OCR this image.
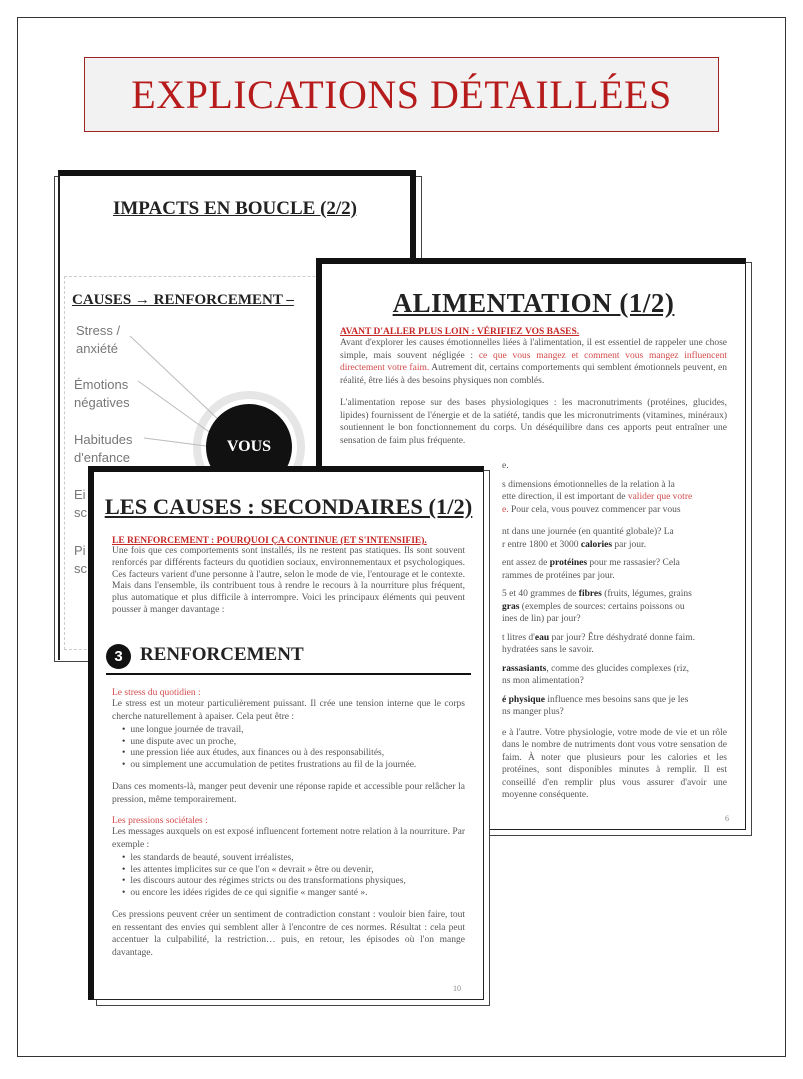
EXPLICATIONS DÉTAILLÉES
IMPACTS EN BOUCLE (2/2)
CAUSES → RENFORCEMENT –
Stress /
anxiété
Émotions
négatives
Habitudes
d'enfance
Ei
sc
Pi
sc
VOUS
ALIMENTATION (1/2)
AVANT D'ALLER PLUS LOIN : VÉRIFIEZ VOS BASES.

Avant d'explorer les causes émotionnelles liées à l'alimentation, il est essentiel de rappeler une chose simple, mais souvent négligée : ce que vous mangez et comment vous mangez influencent directement votre faim. Autrement dit, certains comportements qui semblent émotionnels peuvent, en réalité, être liés à des besoins physiques non comblés.

L'alimentation repose sur des bases physiologiques : les macronutriments (protéines, glucides, lipides) fournissent de l'énergie et de la satiété, tandis que les micronutriments (vitamines, minéraux) soutiennent le bon fonctionnement du corps. Un déséquilibre dans ces apports peut entraîner une sensation de faim plus fréquente.

e.

s dimensions émotionnelles de la relation à la
ette direction, il est important de valider que votre
e. Pour cela, vous pouvez commencer par vous

nt dans une journée (en quantité globale)? La
r entre 1800 et 3000 calories par jour.

ent assez de protéines pour me rassasier? Cela
rammes de protéines par jour.

5 et 40 grammes de fibres (fruits, légumes, grains
gras (exemples de sources: certains poissons ou
ines de lin) par jour?

t litres d'eau par jour? Être déshydraté donne faim.
hydratées sans le savoir.

rassasiants, comme des glucides complexes (riz,
ns mon alimentation?

é physique influence mes besoins sans que je les
ns manger plus?

e à l'autre. Votre physiologie, votre mode de vie et un rôle dans le nombre de nutriments dont vous votre sensation de faim. À noter que plusieurs pour les calories et les protéines, sont disponibles minutes à remplir. Il est conseillé d'en remplir plus vous assurer d'avoir une moyenne conséquente.

6
LES CAUSES : SECONDAIRES (1/2)
LE RENFORCEMENT : POURQUOI ÇA CONTINUE (ET S'INTENSIFIE).

Une fois que ces comportements sont installés, ils ne restent pas statiques. Ils sont souvent renforcés par différents facteurs du quotidien sociaux, environnementaux et psychologiques. Ces facteurs varient d'une personne à l'autre, selon le mode de vie, l'entourage et le contexte. Mais dans l'ensemble, ils contribuent tous à rendre le recours à la nourriture plus fréquent, plus automatique et plus difficile à interrompre. Voici les principaux éléments qui peuvent pousser à manger davantage :

3 RENFORCEMENT
Le stress du quotidien :

Le stress est un moteur particulièrement puissant. Il crée une tension interne que le corps cherche naturellement à apaiser. Cela peut être :

• une longue journée de travail,
• une dispute avec un proche,
• une pression liée aux études, aux finances ou à des responsabilités,
• ou simplement une accumulation de petites frustrations au fil de la journée.

Dans ces moments-là, manger peut devenir une réponse rapide et accessible pour relâcher la pression, même temporairement.

Les pressions sociétales :

Les messages auxquels on est exposé influencent fortement notre relation à la nourriture. Par exemple :

• les standards de beauté, souvent irréalistes,
• les attentes implicites sur ce que l'on « devrait » être ou devenir,
• les discours autour des régimes stricts ou des transformations physiques,
• ou encore les idées rigides de ce qui signifie « manger santé ».

Ces pressions peuvent créer un sentiment de contradiction constant : vouloir bien faire, tout en ressentant des envies qui semblent aller à l'encontre de ces normes. Résultat : cela peut accentuer la culpabilité, la restriction… puis, en retour, les épisodes où l'on mange davantage.

10
